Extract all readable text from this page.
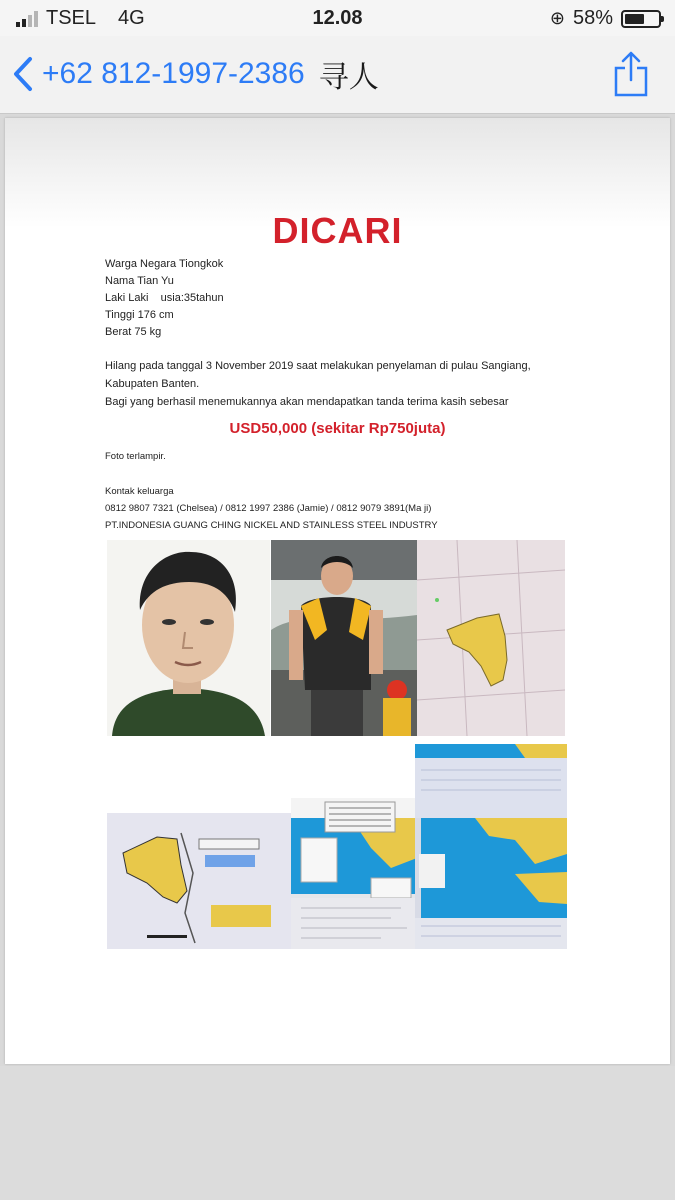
TSEL 4G	12.08	⊕ 58%
+62 812-1997-2386 寻人
DICARI
Warga Negara Tiongkok
Nama Tian Yu
Laki Laki    usia:35tahun
Tinggi 176 cm
Berat 75 kg
Hilang pada tanggal 3 November 2019 saat melakukan penyelaman di pulau Sangiang,
Kabupaten Banten.
Bagi yang berhasil menemukannya akan mendapatkan tanda terima kasih sebesar
USD50,000 (sekitar Rp750juta)
Foto terlampir.
Kontak keluarga
0812 9807 7321 (Chelsea) / 0812 1997 2386 (Jamie) / 0812 9079 3891(Ma ji)
PT.INDONESIA GUANG CHING NICKEL AND STAINLESS STEEL INDUSTRY
